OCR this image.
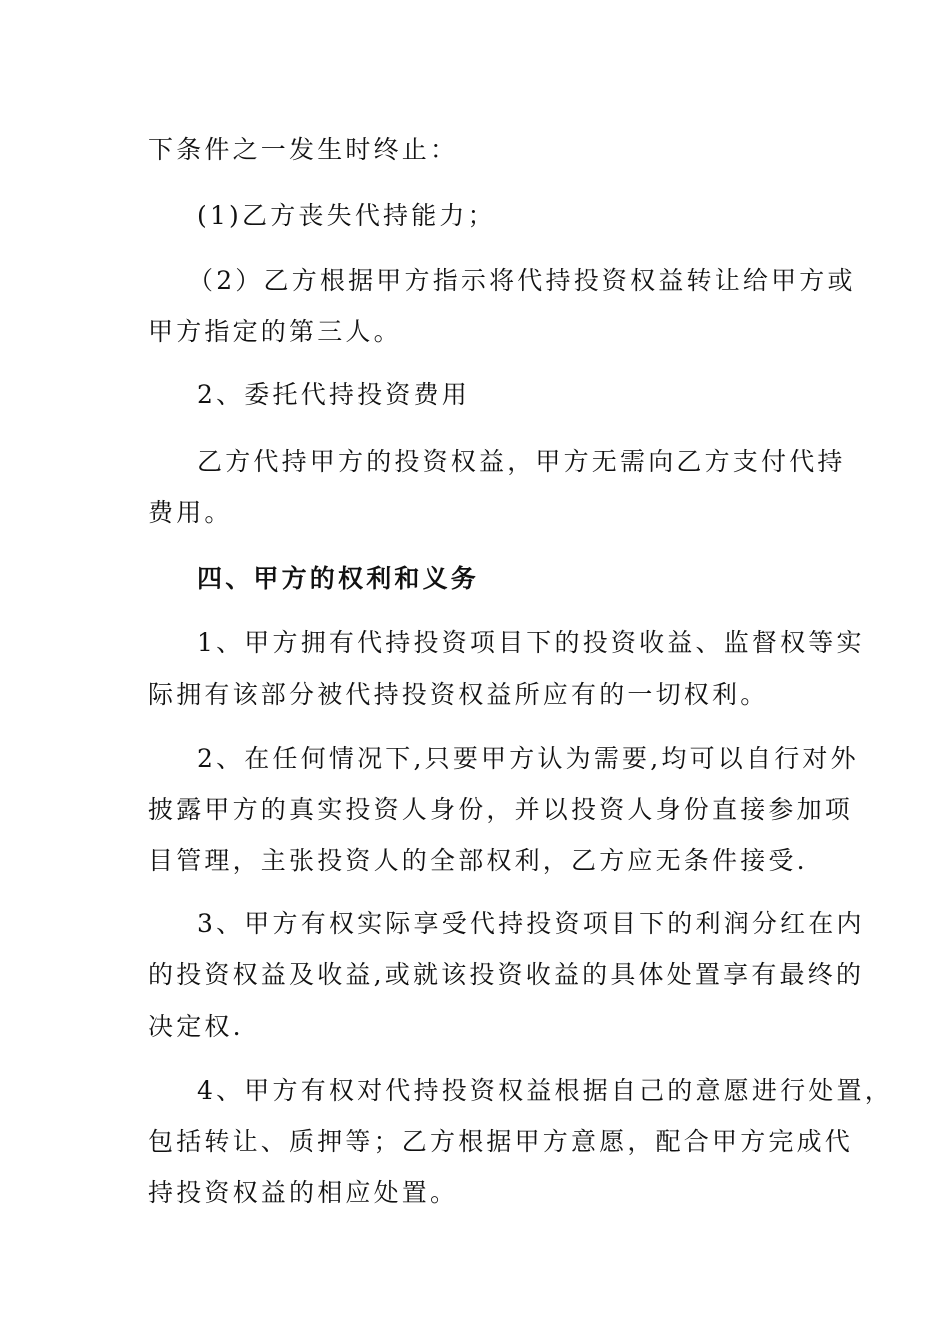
下条件之一发生时终止：
(1)乙方丧失代持能力；
（2）乙方根据甲方指示将代持投资权益转让给甲方或
甲方指定的第三人。
2、委托代持投资费用
乙方代持甲方的投资权益，甲方无需向乙方支付代持
费用。
四、甲方的权利和义务
1、甲方拥有代持投资项目下的投资收益、监督权等实
际拥有该部分被代持投资权益所应有的一切权利。
2、在任何情况下,只要甲方认为需要,均可以自行对外
披露甲方的真实投资人身份，并以投资人身份直接参加项
目管理，主张投资人的全部权利，乙方应无条件接受.
3、甲方有权实际享受代持投资项目下的利润分红在内
的投资权益及收益,或就该投资收益的具体处置享有最终的
决定权.
4、甲方有权对代持投资权益根据自己的意愿进行处置，
包括转让、质押等；乙方根据甲方意愿，配合甲方完成代
持投资权益的相应处置。
